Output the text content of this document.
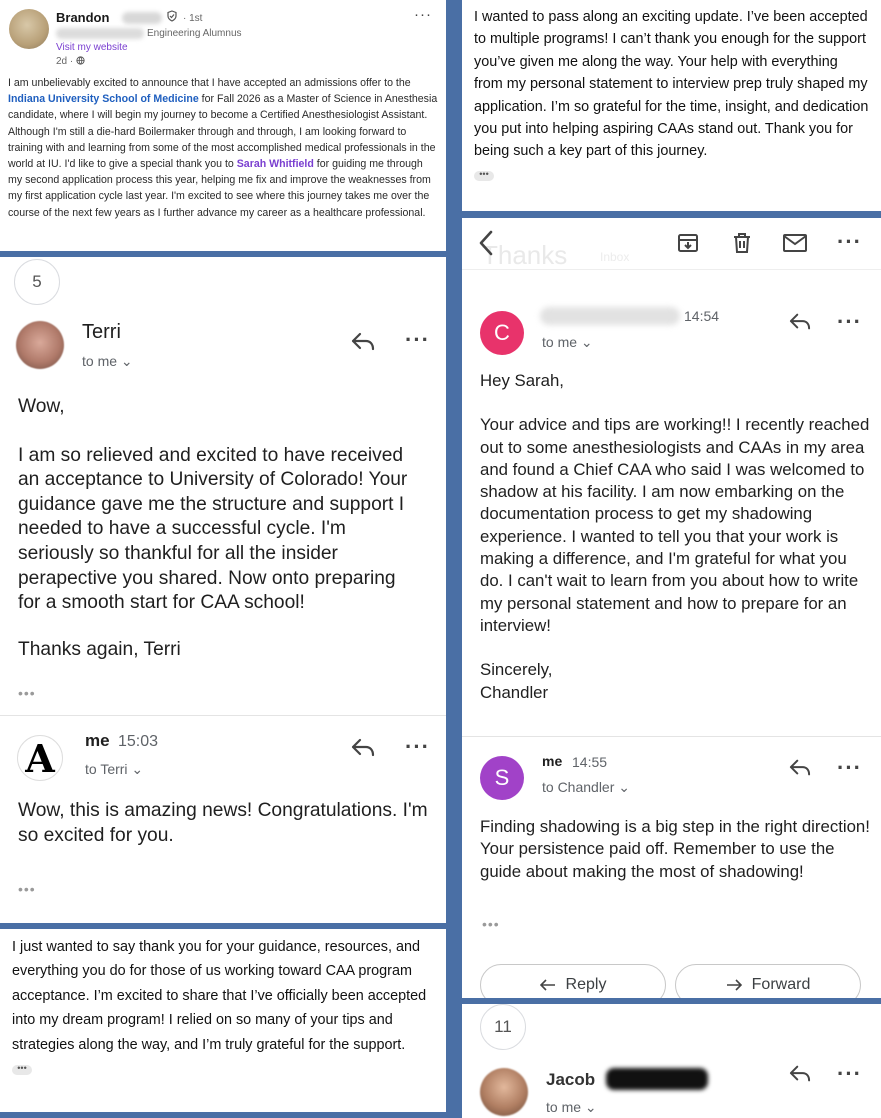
Brandon	· 1st
Engineering Alumnus
Visit my website
2d ·
···

I am unbelievably excited to announce that I have accepted an admissions offer to the Indiana University School of Medicine for Fall 2026 as a Master of Science in Anesthesia candidate, where I will begin my journey to become a Certified Anesthesiologist Assistant. Although I'm still a die-hard Boilermaker through and through, I am looking forward to training with and learning from some of the most accomplished medical professionals in the world at IU. I'd like to give a special thank you to Sarah Whitfield for guiding me through my second application process this year, helping me fix and improve the weaknesses from my first application cycle last year. I'm excited to see where this journey takes me over the course of the next few years as I further advance my career as a healthcare professional.

I wanted to pass along an exciting update. I’ve been accepted to multiple programs! I can’t thank you enough for the support you’ve given me along the way. Your help with everything from my personal statement to interview prep truly shaped my application. I’m so grateful for the time, insight, and dedication you put into helping aspiring CAAs stand out. Thank you for being such a key part of this journey.

•••
5
Terri
to me ⌄
···

Wow,

I am so relieved and excited to have received an acceptance to University of Colorado! Your guidance gave me the structure and support I needed to have a successful cycle. I'm seriously so thankful for all the insider perapective you shared. Now onto preparing for a smooth start for CAA school!

Thanks again, Terri

•••
A me 15:03
to Terri ⌄
···

Wow, this is amazing news! Congratulations. I'm so excited for you.

•••
Thanks	Inbox
···
C
14:54
to me ⌄
···

Hey Sarah,

Your advice and tips are working!! I recently reached out to some anesthesiologists and CAAs in my area and found a Chief CAA who said I was welcomed to shadow at his facility. I am now embarking on the documentation process to get my shadowing experience. I wanted to tell you that your work is making a difference, and I'm grateful for what you do. I can't wait to learn from you about how to write my personal statement and how to prepare for an interview!

Sincerely,

Chandler

S
me 14:55
to Chandler ⌄
···

Finding shadowing is a big step in the right direction! Your persistence paid off. Remember to use the guide about making the most of shadowing!

•••
Reply	Forward

I just wanted to say thank you for your guidance, resources, and everything you do for those of us working toward CAA program acceptance. I’m excited to share that I’ve officially been accepted into my dream program! I relied on so many of your tips and strategies along the way, and I’m truly grateful for the support.

•••
11
Jacob
to me ⌄
···
